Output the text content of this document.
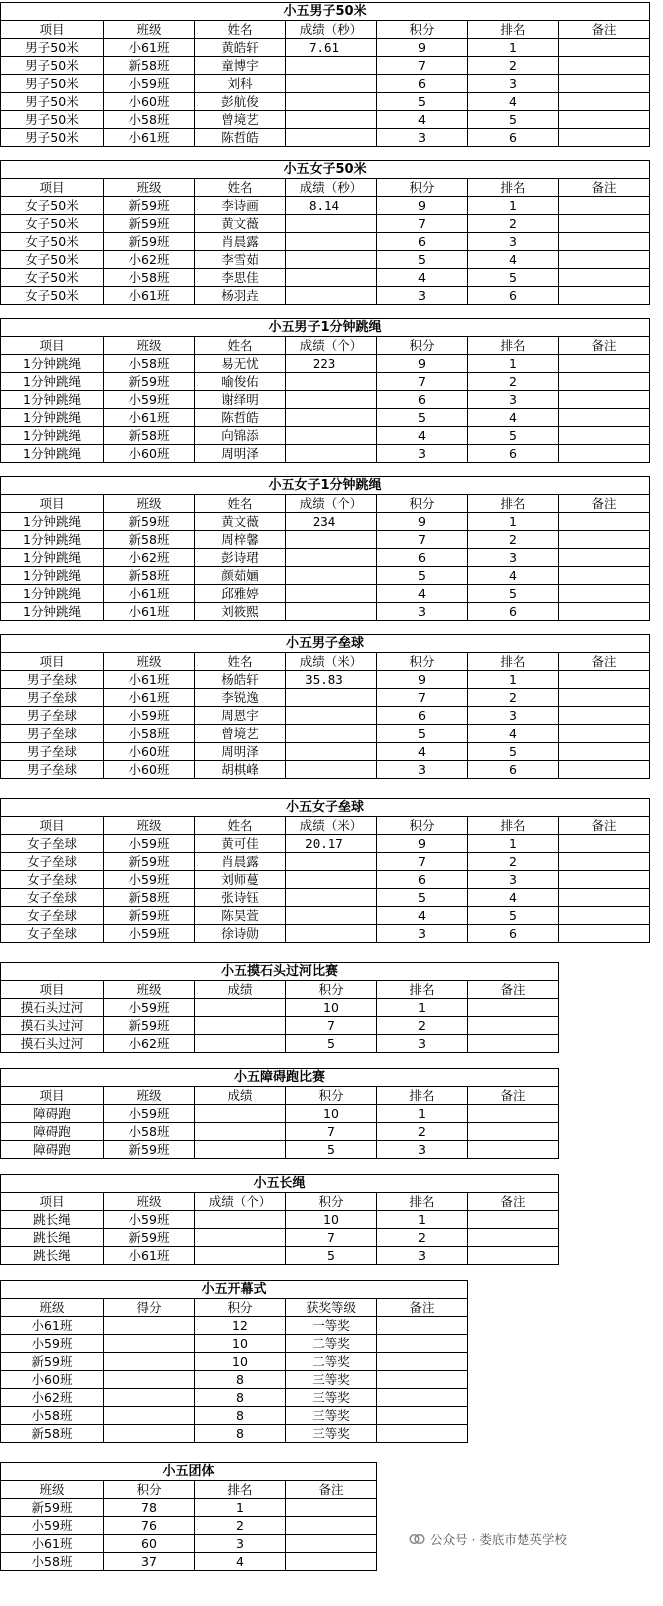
小五男子50米						
项目	班级	姓名	成绩（秒）	积分	排名	备注
男子50米	小61班	黄皓轩	7.61	9	1	
男子50米	新58班	童博宇		7	2	
男子50米	小59班	刘科		6	3	
男子50米	小60班	彭航俊		5	4	
男子50米	小58班	曾境艺		4	5	
男子50米	小61班	陈哲皓		3	6	
小五女子50米						
项目	班级	姓名	成绩（秒）	积分	排名	备注
女子50米	新59班	李诗画	8.14	9	1	
女子50米	新59班	黄文薇		7	2	
女子50米	新59班	肖晨露		6	3	
女子50米	小62班	李雪茹		5	4	
女子50米	小58班	李思佳		4	5	
女子50米	小61班	杨羽垚		3	6	
小五男子1分钟跳绳						
项目	班级	姓名	成绩（个）	积分	排名	备注
1分钟跳绳	小58班	易无忧	223	9	1	
1分钟跳绳	新59班	喻俊佑		7	2	
1分钟跳绳	小59班	谢绎明		6	3	
1分钟跳绳	小61班	陈哲皓		5	4	
1分钟跳绳	新58班	向锦添		4	5	
1分钟跳绳	小60班	周明泽		3	6	
小五女子1分钟跳绳						
项目	班级	姓名	成绩（个）	积分	排名	备注
1分钟跳绳	新59班	黄文薇	234	9	1	
1分钟跳绳	新58班	周梓馨		7	2	
1分钟跳绳	小62班	彭诗珺		6	3	
1分钟跳绳	新58班	颜茹婳		5	4	
1分钟跳绳	小61班	邱雅婷		4	5	
1分钟跳绳	小61班	刘筱熙		3	6	
小五男子垒球						
项目	班级	姓名	成绩（米）	积分	排名	备注
男子垒球	小61班	杨皓轩	35.83	9	1	
男子垒球	小61班	李锐逸		7	2	
男子垒球	小59班	周恩宇		6	3	
男子垒球	小58班	曾境艺		5	4	
男子垒球	小60班	周明泽		4	5	
男子垒球	小60班	胡棋峰		3	6	
小五女子垒球						
项目	班级	姓名	成绩（米）	积分	排名	备注
女子垒球	小59班	黄可佳	20.17	9	1	
女子垒球	新59班	肖晨露		7	2	
女子垒球	小59班	刘师蔓		6	3	
女子垒球	新58班	张诗钰		5	4	
女子垒球	新59班	陈昊萱		4	5	
女子垒球	小59班	徐诗勋		3	6	
小五摸石头过河比赛					
项目	班级	成绩	积分	排名	备注
摸石头过河	小59班		10	1	
摸石头过河	新59班		7	2	
摸石头过河	小62班		5	3	
小五障碍跑比赛					
项目	班级	成绩	积分	排名	备注
障碍跑	小59班		10	1	
障碍跑	小58班		7	2	
障碍跑	新59班		5	3	
小五长绳					
项目	班级	成绩（个）	积分	排名	备注
跳长绳	小59班		10	1	
跳长绳	新59班		7	2	
跳长绳	小61班		5	3	
小五开幕式				
班级	得分	积分	获奖等级	备注
小61班		12	一等奖	
小59班		10	二等奖	
新59班		10	二等奖	
小60班		8	三等奖	
小62班		8	三等奖	
小58班		8	三等奖	
新58班		8	三等奖	
小五团体			
班级	积分	排名	备注
新59班	78	1	
小59班	76	2	
小61班	60	3	
小58班	37	4	
公众号 · 娄底市楚英学校
